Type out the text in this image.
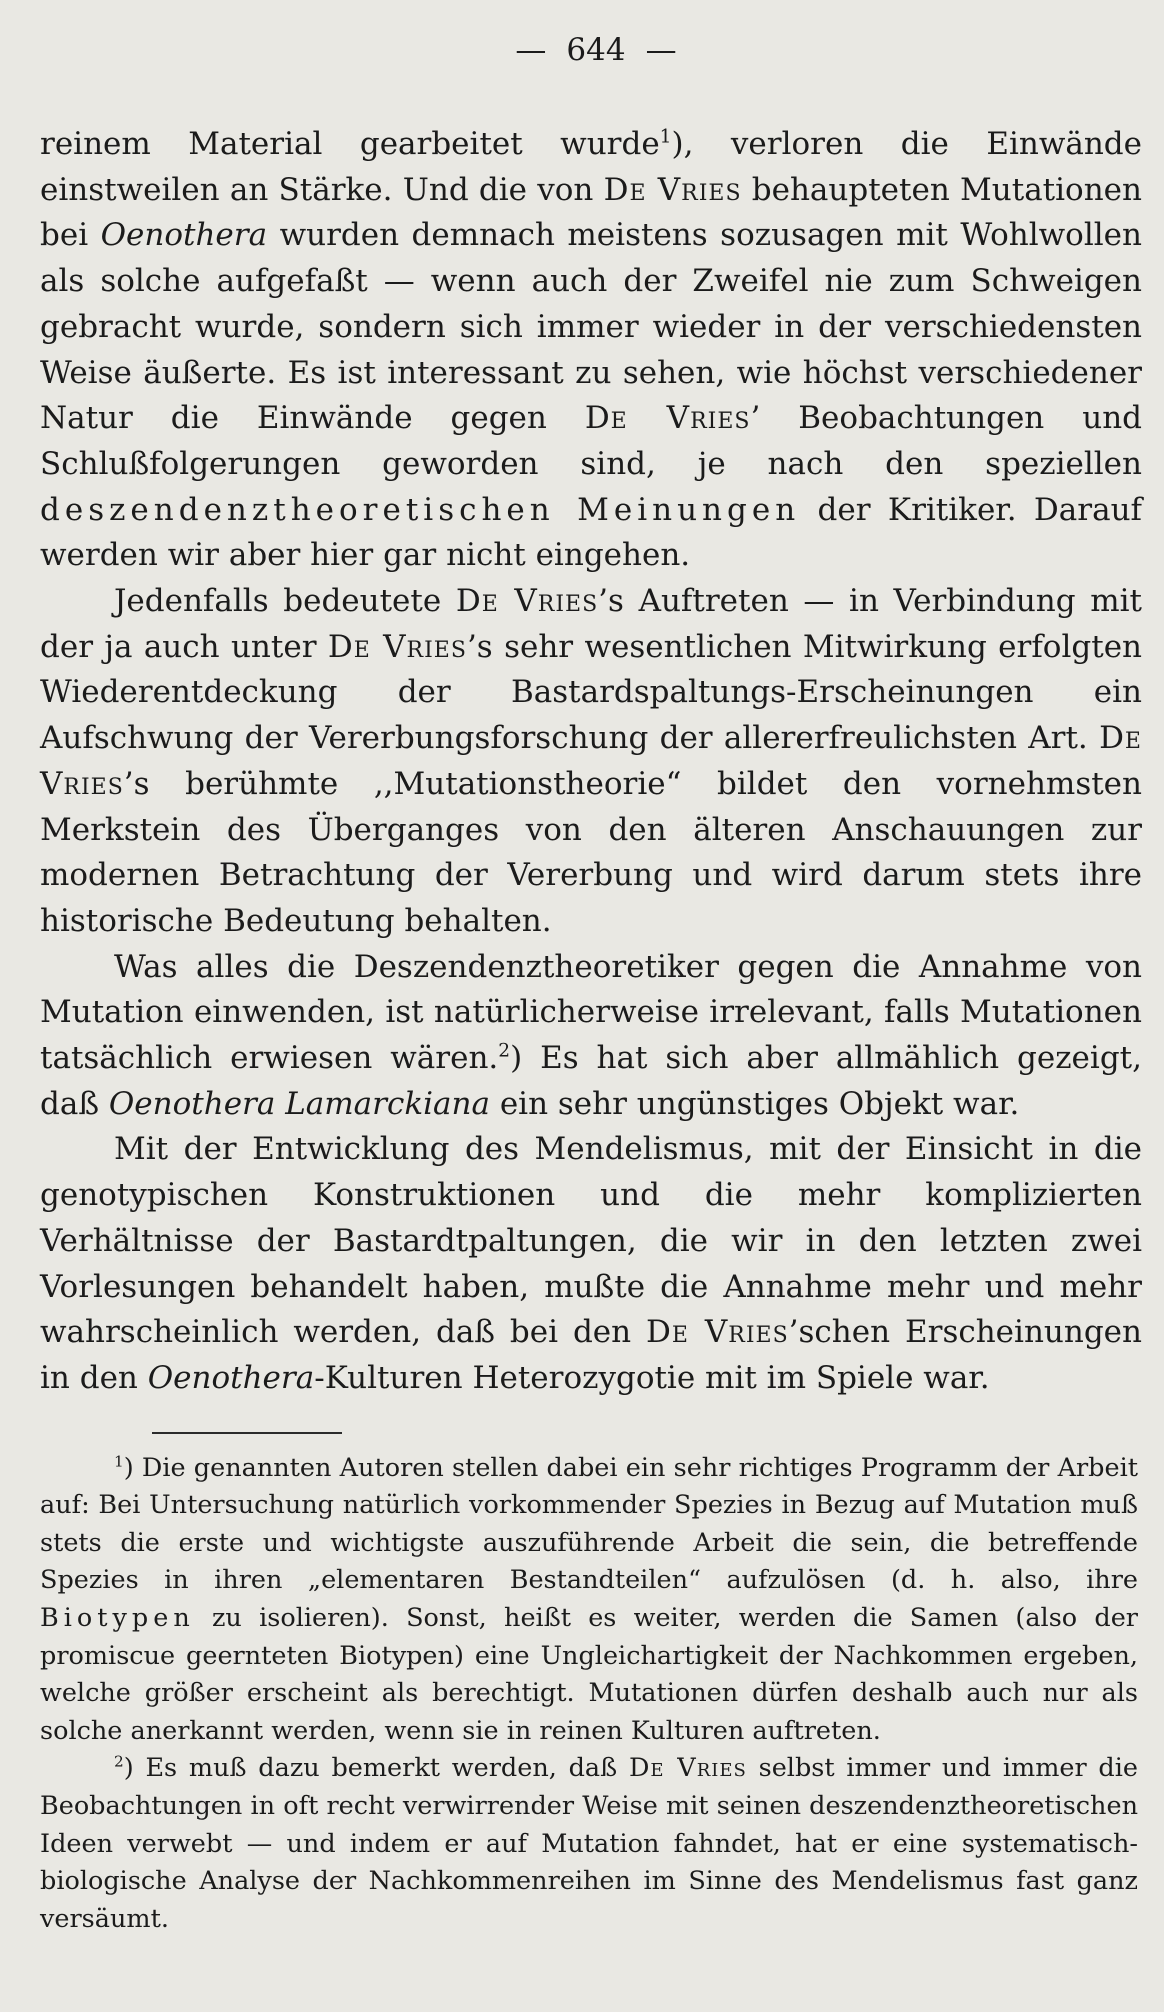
— 644 —

reinem Material gearbeitet wurde$^1$), verloren die Einwände einstweilen an Stärke. Und die von De Vries behaupteten Mutationen bei Oenothera wurden demnach meistens sozusagen mit Wohlwollen als solche aufgefaßt — wenn auch der Zweifel nie zum Schweigen gebracht wurde, sondern sich immer wieder in der verschiedensten Weise äußerte. Es ist interessant zu sehen, wie höchst verschiedener Natur die Einwände gegen De Vries’ Beobachtungen und Schlußfolgerungen geworden sind, je nach den speziellen deszendenztheoretischen Meinungen der Kritiker. Darauf werden wir aber hier gar nicht eingehen.

Jedenfalls bedeutete De Vries’s Auftreten — in Verbindung mit der ja auch unter De Vries’s sehr wesentlichen Mitwirkung erfolgten Wiederentdeckung der Bastardspaltungs-Erscheinungen ein Aufschwung der Vererbungsforschung der allererfreulichsten Art. De Vries’s berühmte ,,Mutationstheorie“ bildet den vornehmsten Merkstein des Überganges von den älteren Anschauungen zur modernen Betrachtung der Vererbung und wird darum stets ihre historische Bedeutung behalten.

Was alles die Deszendenztheoretiker gegen die Annahme von Mutation einwenden, ist natürlicherweise irrelevant, falls Mutationen tatsächlich erwiesen wären.$^2$) Es hat sich aber allmählich gezeigt, daß Oenothera Lamarckiana ein sehr ungünstiges Objekt war.

Mit der Entwicklung des Mendelismus, mit der Einsicht in die genotypischen Konstruktionen und die mehr komplizierten Verhältnisse der Bastardtpaltungen, die wir in den letzten zwei Vorlesungen behandelt haben, mußte die Annahme mehr und mehr wahrscheinlich werden, daß bei den De Vries’schen Erscheinungen in den Oenothera-Kulturen Heterozygotie mit im Spiele war.

$^1$) Die genannten Autoren stellen dabei ein sehr richtiges Programm der Arbeit auf: Bei Untersuchung natürlich vorkommender Spezies in Bezug auf Mutation muß stets die erste und wichtigste auszuführende Arbeit die sein, die betreffende Spezies in ihren „elementaren Bestandteilen“ aufzulösen (d. h. also, ihre Biotypen zu isolieren). Sonst, heißt es weiter, werden die Samen (also der promiscue geernteten Biotypen) eine Ungleichartigkeit der Nachkommen ergeben, welche größer erscheint als berechtigt. Mutationen dürfen deshalb auch nur als solche anerkannt werden, wenn sie in reinen Kulturen auftreten.

$^2$) Es muß dazu bemerkt werden, daß De Vries selbst immer und immer die Beobachtungen in oft recht verwirrender Weise mit seinen deszendenztheoretischen Ideen verwebt — und indem er auf Mutation fahndet, hat er eine systematisch-biologische Analyse der Nachkommenreihen im Sinne des Mendelismus fast ganz versäumt.
